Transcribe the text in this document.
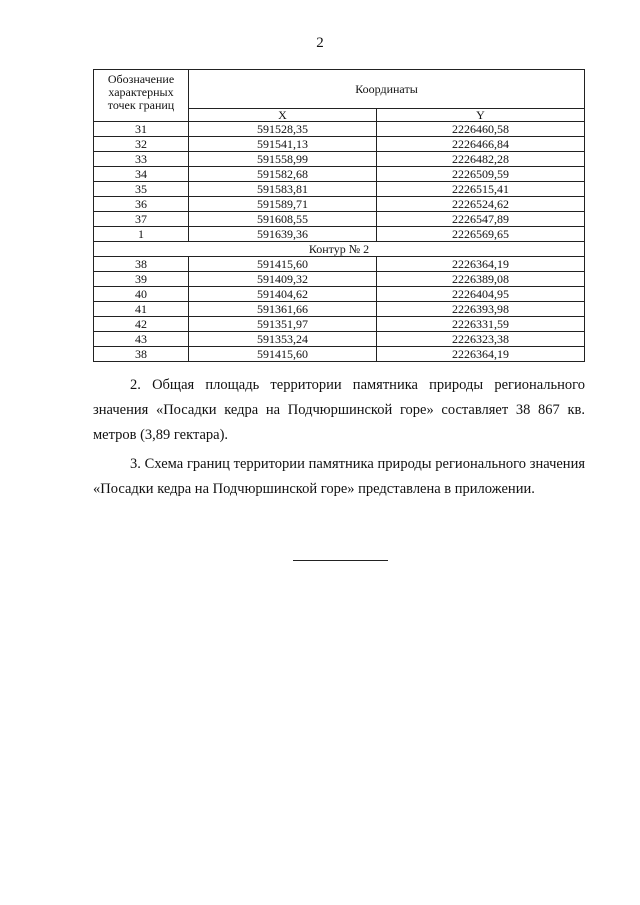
2
Обозначение характерных точек границ	Координаты	
	X	Y
31	591528,35	2226460,58
32	591541,13	2226466,84
33	591558,99	2226482,28
34	591582,68	2226509,59
35	591583,81	2226515,41
36	591589,71	2226524,62
37	591608,55	2226547,89
1	591639,36	2226569,65
Контур № 2		
38	591415,60	2226364,19
39	591409,32	2226389,08
40	591404,62	2226404,95
41	591361,66	2226393,98
42	591351,97	2226331,59
43	591353,24	2226323,38
38	591415,60	2226364,19
2. Общая площадь территории памятника природы регионального значения «Посадки кедра на Подчюршинской горе» составляет 38 867 кв. метров (3,89 гектара).
3. Схема границ территории памятника природы регионального значения «Посадки кедра на Подчюршинской горе» представлена в приложении.
